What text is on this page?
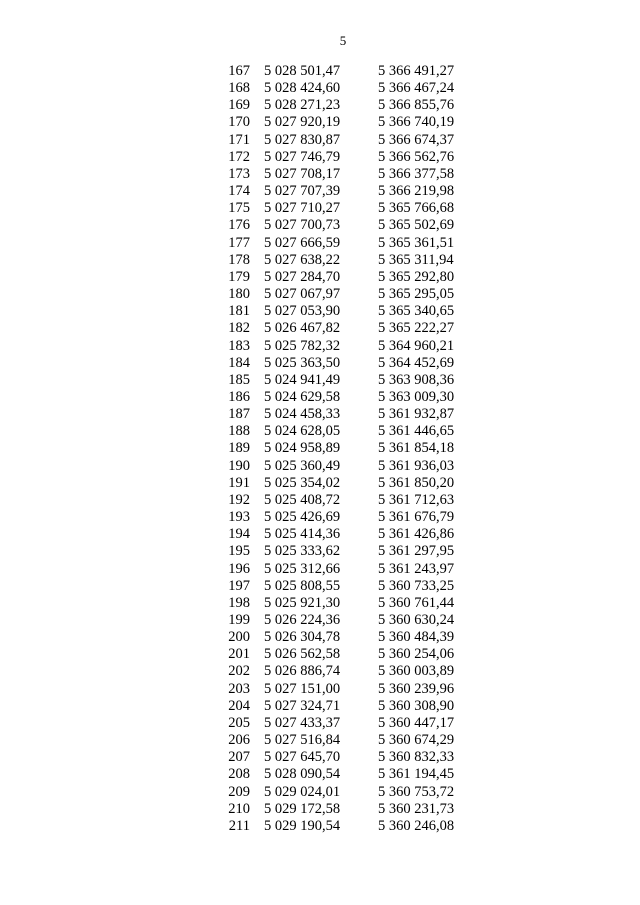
5
167	5 028 501,47	5 366 491,27
168	5 028 424,60	5 366 467,24
169	5 028 271,23	5 366 855,76
170	5 027 920,19	5 366 740,19
171	5 027 830,87	5 366 674,37
172	5 027 746,79	5 366 562,76
173	5 027 708,17	5 366 377,58
174	5 027 707,39	5 366 219,98
175	5 027 710,27	5 365 766,68
176	5 027 700,73	5 365 502,69
177	5 027 666,59	5 365 361,51
178	5 027 638,22	5 365 311,94
179	5 027 284,70	5 365 292,80
180	5 027 067,97	5 365 295,05
181	5 027 053,90	5 365 340,65
182	5 026 467,82	5 365 222,27
183	5 025 782,32	5 364 960,21
184	5 025 363,50	5 364 452,69
185	5 024 941,49	5 363 908,36
186	5 024 629,58	5 363 009,30
187	5 024 458,33	5 361 932,87
188	5 024 628,05	5 361 446,65
189	5 024 958,89	5 361 854,18
190	5 025 360,49	5 361 936,03
191	5 025 354,02	5 361 850,20
192	5 025 408,72	5 361 712,63
193	5 025 426,69	5 361 676,79
194	5 025 414,36	5 361 426,86
195	5 025 333,62	5 361 297,95
196	5 025 312,66	5 361 243,97
197	5 025 808,55	5 360 733,25
198	5 025 921,30	5 360 761,44
199	5 026 224,36	5 360 630,24
200	5 026 304,78	5 360 484,39
201	5 026 562,58	5 360 254,06
202	5 026 886,74	5 360 003,89
203	5 027 151,00	5 360 239,96
204	5 027 324,71	5 360 308,90
205	5 027 433,37	5 360 447,17
206	5 027 516,84	5 360 674,29
207	5 027 645,70	5 360 832,33
208	5 028 090,54	5 361 194,45
209	5 029 024,01	5 360 753,72
210	5 029 172,58	5 360 231,73
211	5 029 190,54	5 360 246,08
